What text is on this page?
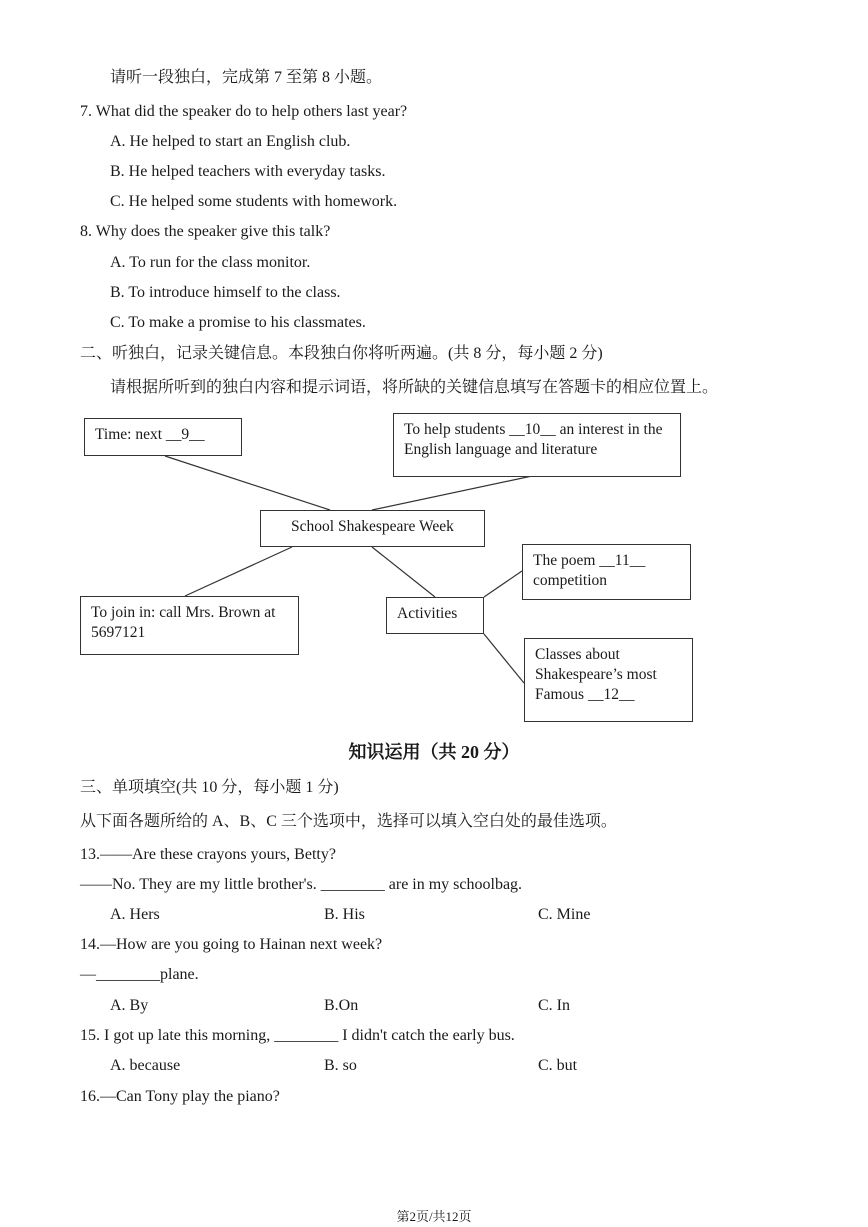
请听一段独白，完成第 7 至第 8 小题。
7. What did the speaker do to help others last year?
A. He helped to start an English club.
B. He helped teachers with everyday tasks.
C. He helped some students with homework.
8. Why does the speaker give this talk?
A. To run for the class monitor.
B. To introduce himself to the class.
C. To make a promise to his classmates.
二、听独白，记录关键信息。本段独白你将听两遍。(共 8 分，每小题 2 分)
请根据所听到的独白内容和提示词语，将所缺的关键信息填写在答题卡的相应位置上。
Time: next __9__	To help students __10__ an interest in the English language and literature
School Shakespeare Week
To join in: call Mrs. Brown at 5697121
Activities
The poem __11__ competition
Classes about Shakespeare’s most Famous __12__
知识运用（共 20 分）
三、单项填空(共 10 分，每小题 1 分)
从下面各题所给的 A、B、C 三个选项中，选择可以填入空白处的最佳选项。
13.——Are these crayons yours, Betty?
——No. They are my little brother's. ________ are in my schoolbag.
A. Hers	B. His	C. Mine
14.—How are you going to Hainan next week?
—________plane.
A. By	B.On	C. In
15. I got up late this morning, ________ I didn't catch the early bus.
A. because	B. so	C. but
16.—Can Tony play the piano?
第2页/共12页
